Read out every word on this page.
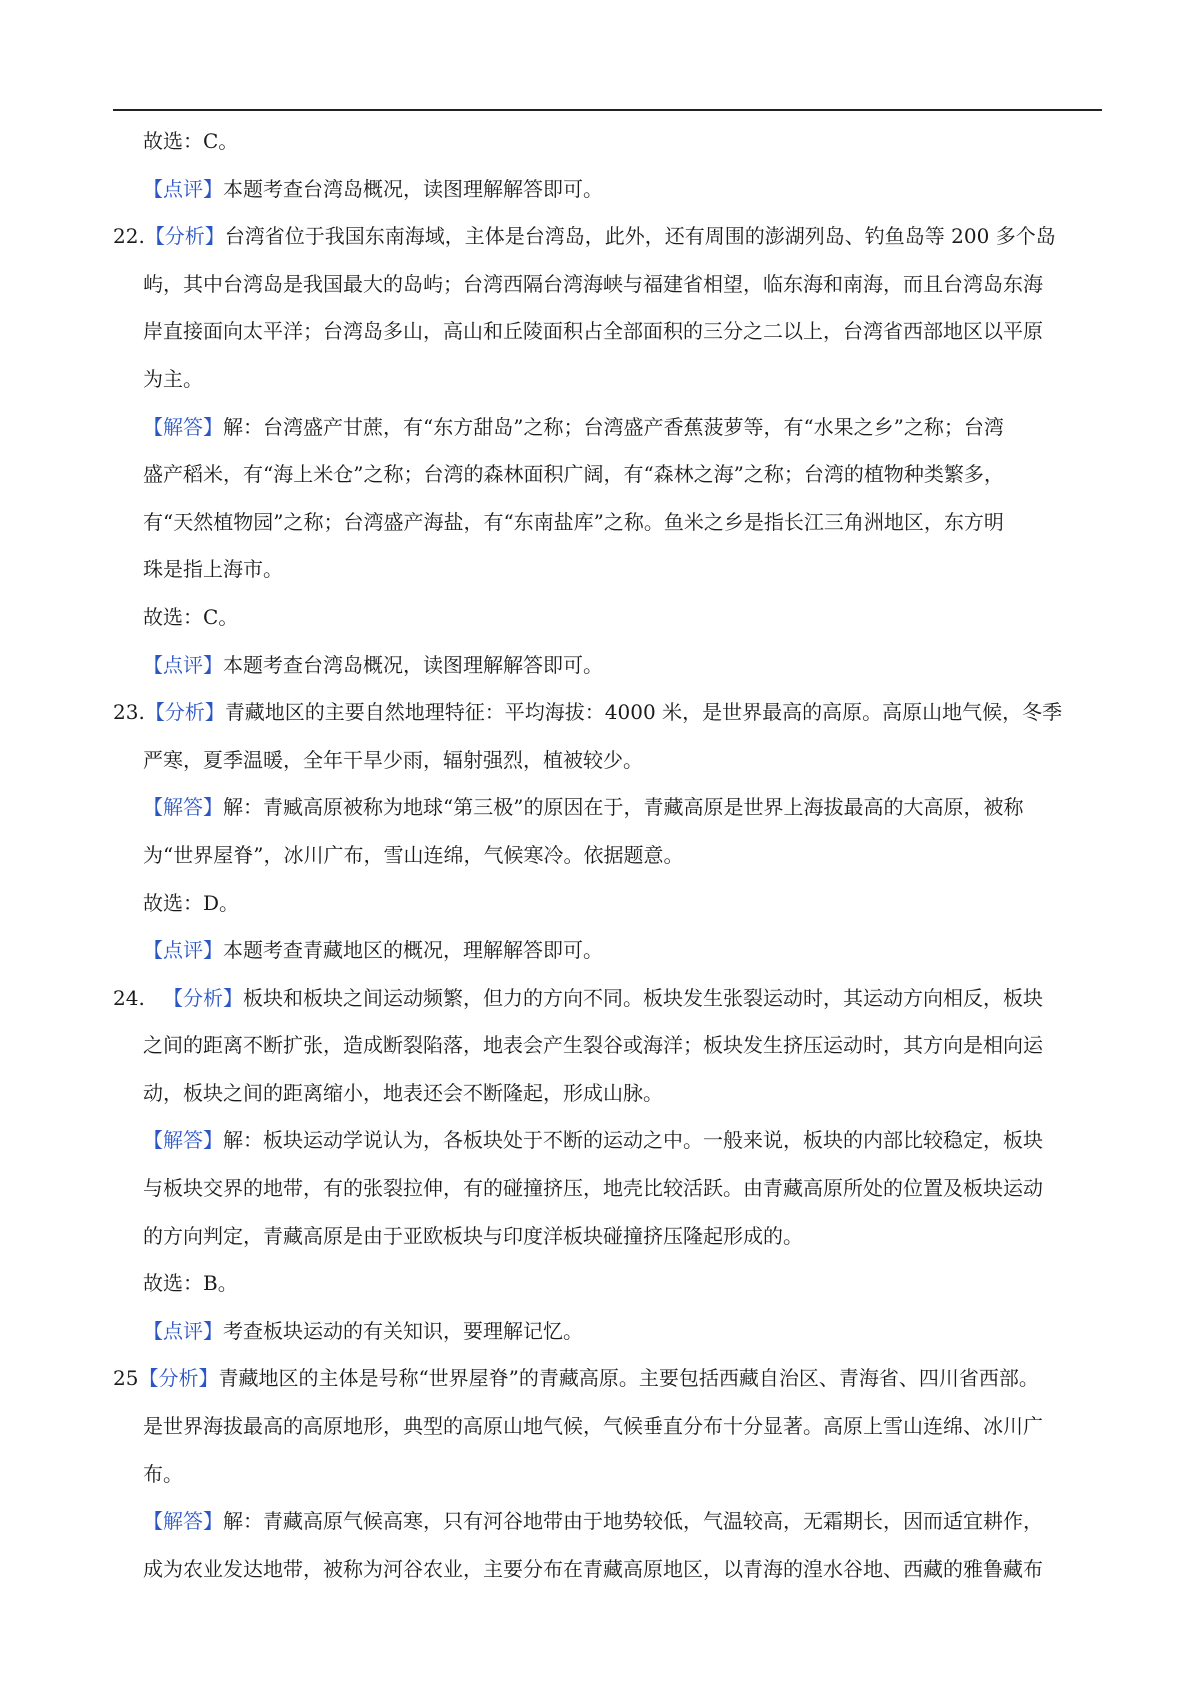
故选：C。
【点评】本题考查台湾岛概况，读图理解解答即可。
22.【分析】台湾省位于我国东南海域，主体是台湾岛，此外，还有周围的澎湖列岛、钓鱼岛等 200 多个岛
屿，其中台湾岛是我国最大的岛屿；台湾西隔台湾海峡与福建省相望，临东海和南海，而且台湾岛东海
岸直接面向太平洋；台湾岛多山，高山和丘陵面积占全部面积的三分之二以上，台湾省西部地区以平原
为主。
【解答】解：台湾盛产甘蔗，有“东方甜岛”之称；台湾盛产香蕉菠萝等，有“水果之乡”之称；台湾
盛产稻米，有“海上米仓”之称；台湾的森林面积广阔，有“森林之海”之称；台湾的植物种类繁多，
有“天然植物园”之称；台湾盛产海盐，有“东南盐库”之称。鱼米之乡是指长江三角洲地区，东方明
珠是指上海市。
故选：C。
【点评】本题考查台湾岛概况，读图理解解答即可。
23.【分析】青藏地区的主要自然地理特征：平均海拔：4000 米，是世界最高的高原。高原山地气候，冬季
严寒，夏季温暖，全年干旱少雨，辐射强烈，植被较少。
【解答】解：青臧高原被称为地球“第三极”的原因在于，青藏高原是世界上海拔最高的大高原，被称
为“世界屋脊”，冰川广布，雪山连绵，气候寒冷。依据题意。
故选：D。
【点评】本题考查青藏地区的概况，理解解答即可。
24. 【分析】板块和板块之间运动频繁，但力的方向不同。板块发生张裂运动时，其运动方向相反，板块
之间的距离不断扩张，造成断裂陷落，地表会产生裂谷或海洋；板块发生挤压运动时，其方向是相向运
动，板块之间的距离缩小，地表还会不断隆起，形成山脉。
【解答】解：板块运动学说认为，各板块处于不断的运动之中。一般来说，板块的内部比较稳定，板块
与板块交界的地带，有的张裂拉伸，有的碰撞挤压，地壳比较活跃。由青藏高原所处的位置及板块运动
的方向判定，青藏高原是由于亚欧板块与印度洋板块碰撞挤压隆起形成的。
故选：B。
【点评】考查板块运动的有关知识，要理解记忆。
25【分析】青藏地区的主体是号称“世界屋脊”的青藏高原。主要包括西藏自治区、青海省、四川省西部。
是世界海拔最高的高原地形，典型的高原山地气候，气候垂直分布十分显著。高原上雪山连绵、冰川广
布。
【解答】解：青藏高原气候高寒，只有河谷地带由于地势较低，气温较高，无霜期长，因而适宜耕作，
成为农业发达地带，被称为河谷农业，主要分布在青藏高原地区，以青海的湟水谷地、西藏的雅鲁藏布
